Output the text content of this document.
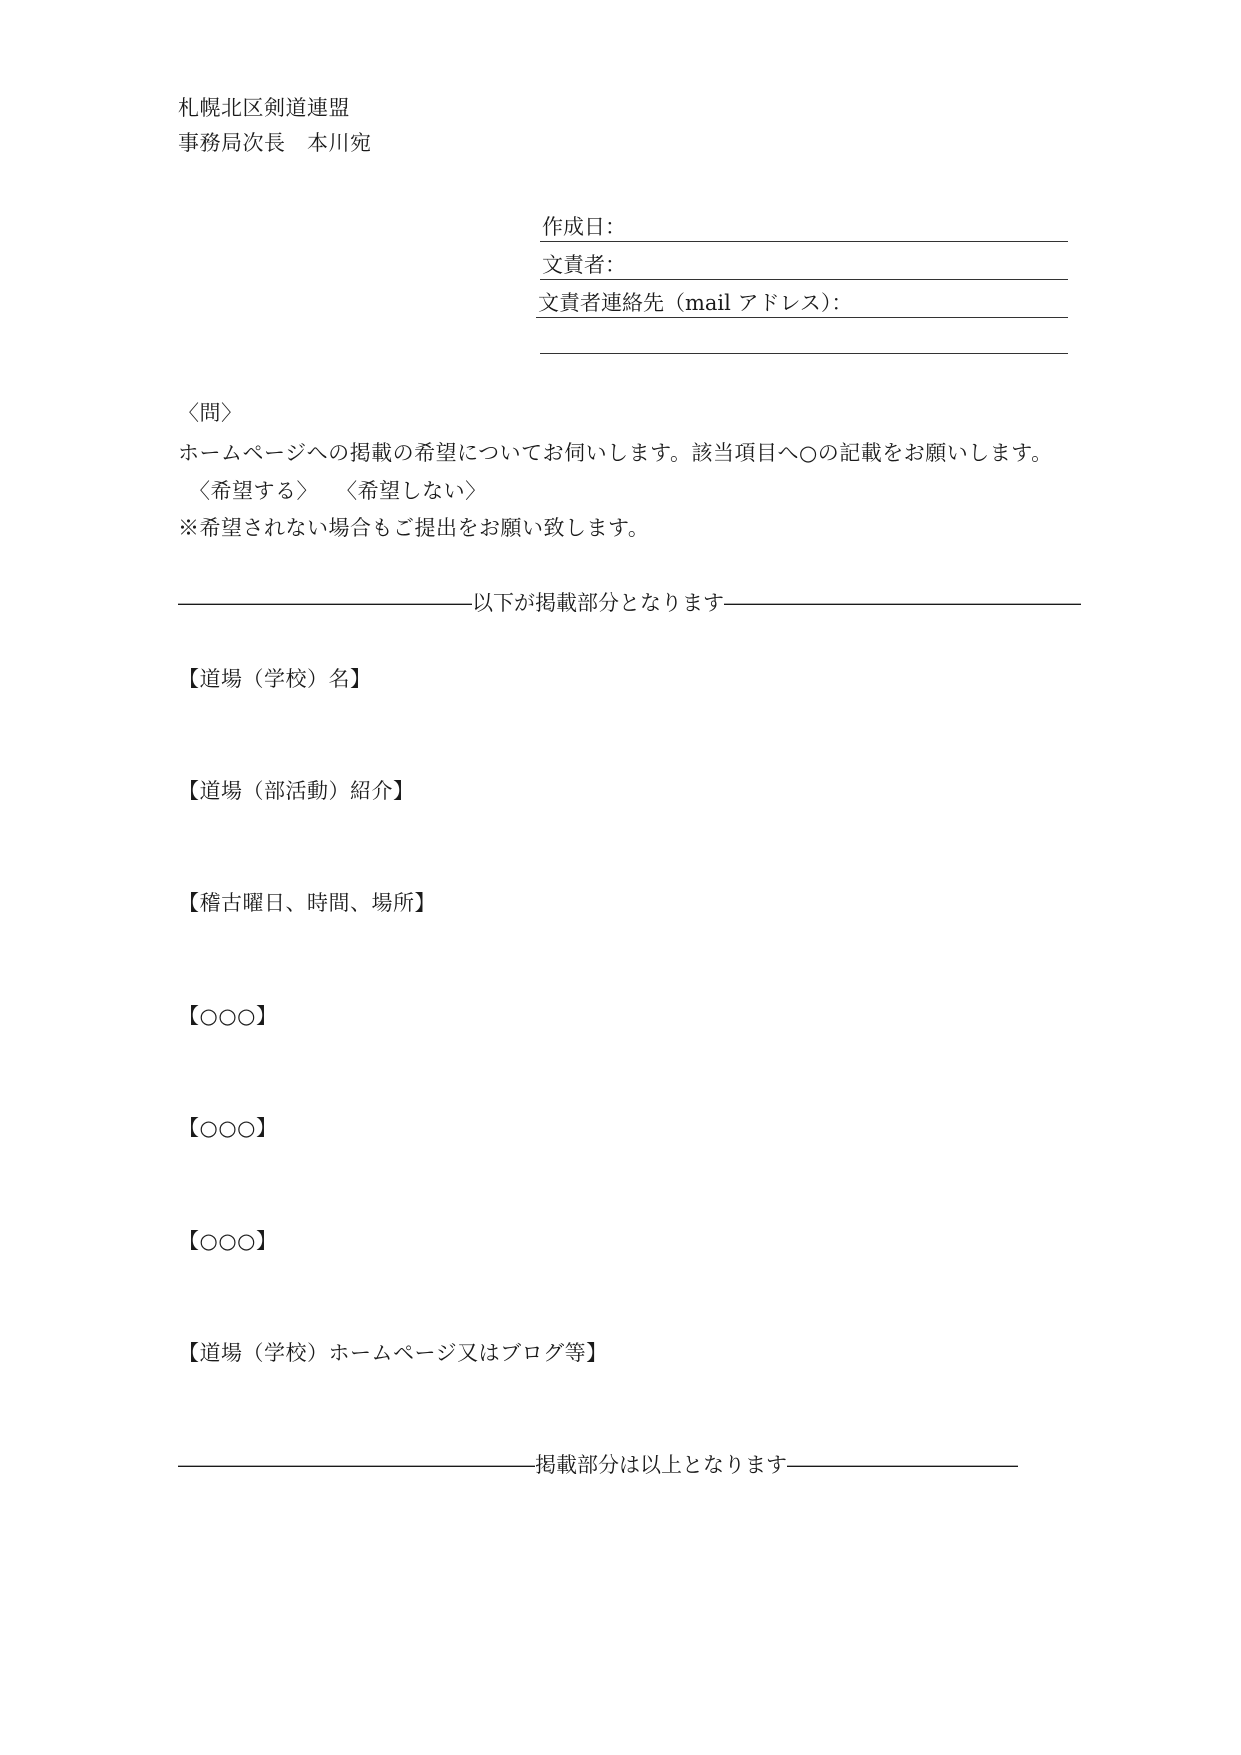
札幌北区剣道連盟
事務局次長　本川宛
作成日：
文責者：
文責者連絡先（mail アドレス）：
〈問〉
ホームページへの掲載の希望についてお伺いします。該当項目へ○の記載をお願いします。
　〈希望する〉　 〈希望しない〉
※希望されない場合もご提出をお願い致します。
――――――――――――――以下が掲載部分となります―――――――――――――――――
【道場（学校）名】
【道場（部活動）紹介】
【稽古曜日、時間、場所】
【○○○】
【○○○】
【○○○】
【道場（学校）ホームページ又はブログ等】
―――――――――――――――――掲載部分は以上となります―――――――――――
